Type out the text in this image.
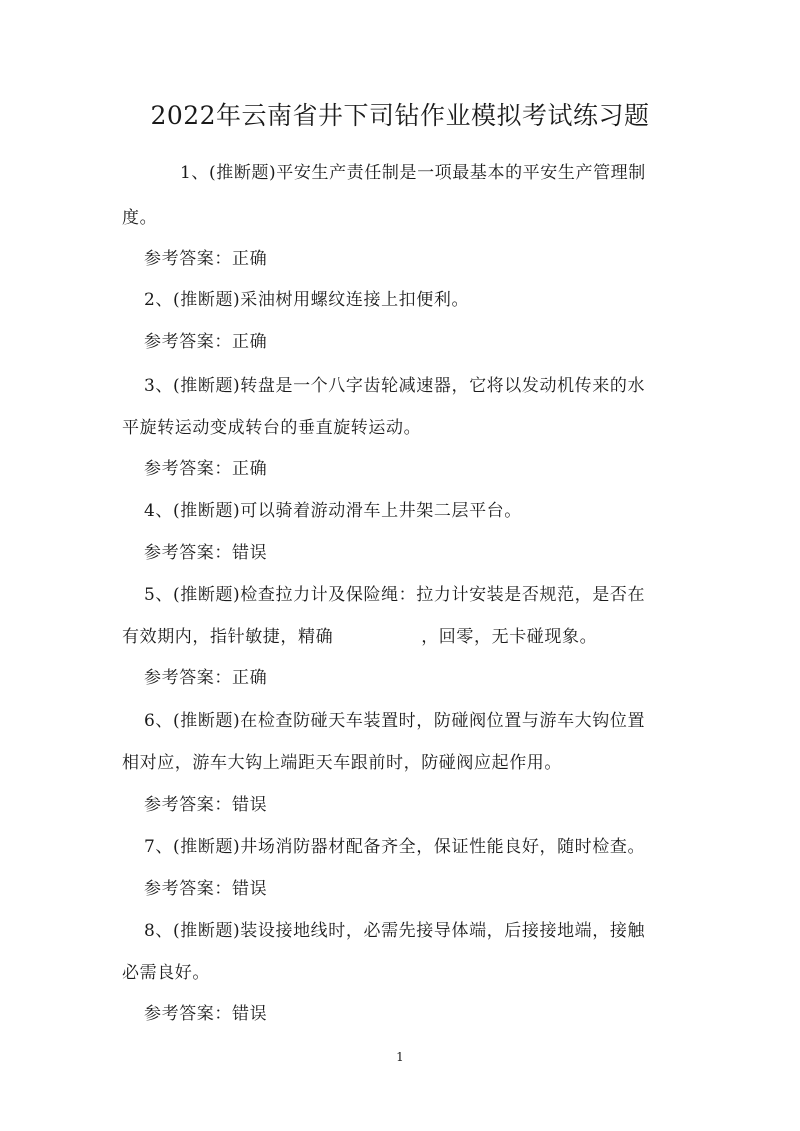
2022年云南省井下司钻作业模拟考试练习题
1、(推断题)平安生产责任制是一项最基本的平安生产管理制
度。
参考答案：正确
2、(推断题)采油树用螺纹连接上扣便利。
参考答案：正确
3、(推断题)转盘是一个八字齿轮减速器，它将以发动机传来的水
平旋转运动变成转台的垂直旋转运动。
参考答案：正确
4、(推断题)可以骑着游动滑车上井架二层平台。
参考答案：错误
5、(推断题)检查拉力计及保险绳：拉力计安装是否规范，是否在
有效期内，指针敏捷，精确　　　　　，回零，无卡碰现象。
参考答案：正确
6、(推断题)在检查防碰天车装置时，防碰阀位置与游车大钩位置
相对应，游车大钩上端距天车跟前时，防碰阀应起作用。
参考答案：错误
7、(推断题)井场消防器材配备齐全，保证性能良好，随时检查。
参考答案：错误
8、(推断题)装设接地线时，必需先接导体端，后接接地端，接触
必需良好。
参考答案：错误
1
